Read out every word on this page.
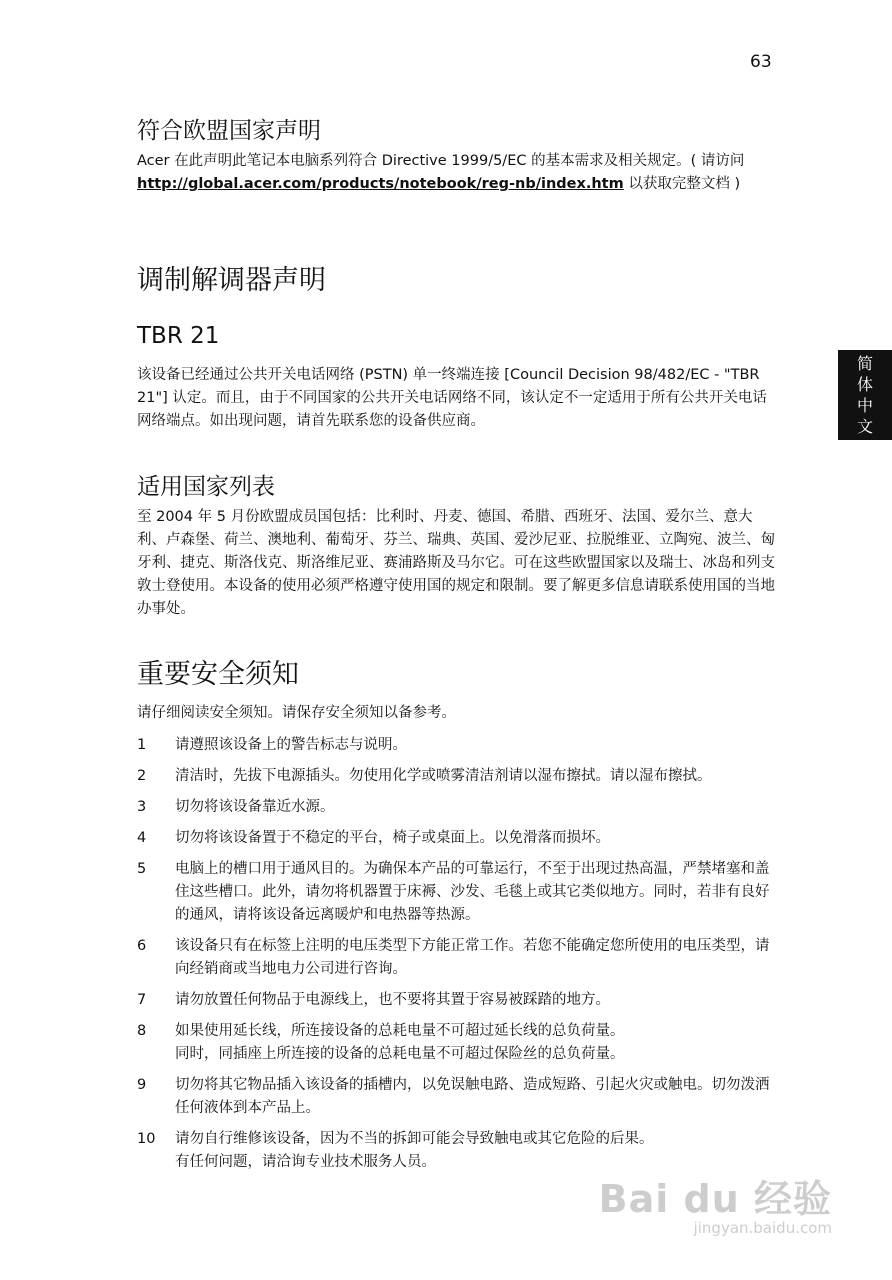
63
简
体
中
文
符合欧盟国家声明

Acer 在此声明此笔记本电脑系列符合 Directive 1999/5/EC 的基本需求及相关规定。( 请访问 http://global.acer.com/products/notebook/reg-nb/index.htm 以获取完整文档 )

调制解调器声明
TBR 21

该设备已经通过公共开关电话网络 (PSTN) 单一终端连接 [Council Decision 98/482/EC - "TBR 21"] 认定。而且，由于不同国家的公共开关电话网络不同，该认定不一定适用于所有公共开关电话网络端点。如出现问题，请首先联系您的设备供应商。

适用国家列表

至 2004 年 5 月份欧盟成员国包括：比利时、丹麦、德国、希腊、西班牙、法国、爱尔兰、意大利、卢森堡、荷兰、澳地利、葡萄牙、芬兰、瑞典、英国、爱沙尼亚、拉脱维亚、立陶宛、波兰、匈牙利、捷克、斯洛伐克、斯洛维尼亚、赛浦路斯及马尔它。可在这些欧盟国家以及瑞士、冰岛和列支敦士登使用。本设备的使用必须严格遵守使用国的规定和限制。要了解更多信息请联系使用国的当地办事处。

重要安全须知

请仔细阅读安全须知。请保存安全须知以备参考。

1	请遵照该设备上的警告标志与说明。
2	清洁时，先拔下电源插头。勿使用化学或喷雾清洁剂请以湿布擦拭。请以湿布擦拭。
3	切勿将该设备靠近水源。
4	切勿将该设备置于不稳定的平台，椅子或桌面上。以免滑落而损坏。
5	电脑上的槽口用于通风目的。为确保本产品的可靠运行，不至于出现过热高温，严禁堵塞和盖住这些槽口。此外，请勿将机器置于床褥、沙发、毛毯上或其它类似地方。同时，若非有良好的通风，请将该设备远离暖炉和电热器等热源。
6	该设备只有在标签上注明的电压类型下方能正常工作。若您不能确定您所使用的电压类型，请向经销商或当地电力公司进行咨询。
7	请勿放置任何物品于电源线上，也不要将其置于容易被踩踏的地方。
8	如果使用延长线，所连接设备的总耗电量不可超过延长线的总负荷量。
同时，同插座上所连接的设备的总耗电量不可超过保险丝的总负荷量。
9	切勿将其它物品插入该设备的插槽内，以免误触电路、造成短路、引起火灾或触电。切勿泼洒任何液体到本产品上。
10	请勿自行维修该设备，因为不当的拆卸可能会导致触电或其它危险的后果。
有任何问题，请洽询专业技术服务人员。
Bai du 经验
jingyan.baidu.com
